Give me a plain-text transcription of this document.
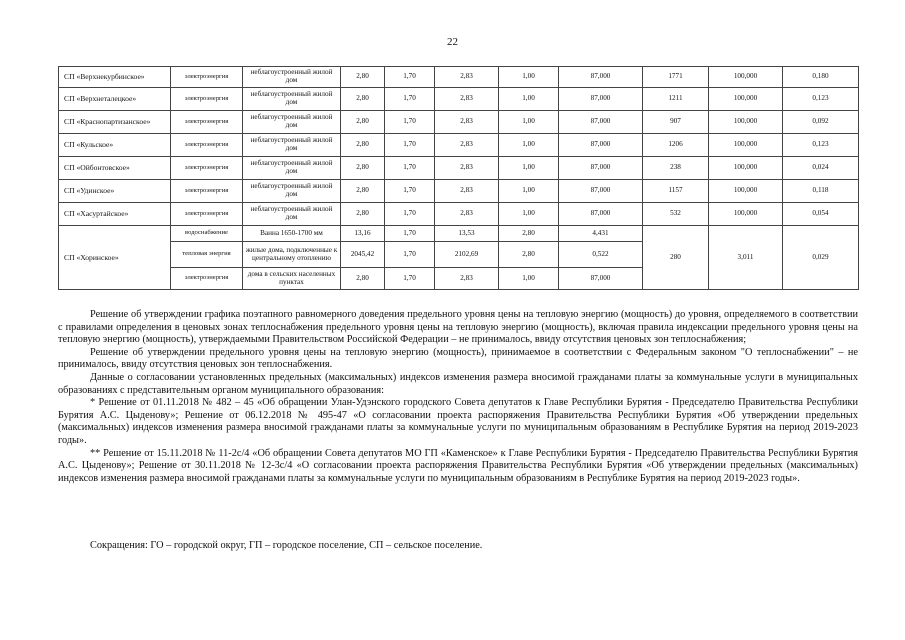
22
СП «Верхнекурбинское»	электроэнергия	неблагоустроенный жилой дом	2,80	1,70	2,83	1,00	87,000	1771	100,000	0,180
СП «Верхнеталецкое»	электроэнергия	неблагоустроенный жилой дом	2,80	1,70	2,83	1,00	87,000	1211	100,000	0,123
СП «Краснопартизанское»	электроэнергия	неблагоустроенный жилой дом	2,80	1,70	2,83	1,00	87,000	907	100,000	0,092
СП «Кульское»	электроэнергия	неблагоустроенный жилой дом	2,80	1,70	2,83	1,00	87,000	1206	100,000	0,123
СП «Ойбонтовское»	электроэнергия	неблагоустроенный жилой дом	2,80	1,70	2,83	1,00	87,000	238	100,000	0,024
СП «Удинское»	электроэнергия	неблагоустроенный жилой дом	2,80	1,70	2,83	1,00	87,000	1157	100,000	0,118
СП «Хасуртайское»	электроэнергия	неблагоустроенный жилой дом	2,80	1,70	2,83	1,00	87,000	532	100,000	0,054
СП «Хоринское»	водоснабжение	Ванна 1650-1700 мм	13,16	1,70	13,53	2,80	4,431	280	3,011	0,029
	тепловая энергия	жилые дома, подключенные к центральному отоплению	2045,42	1,70	2102,69	2,80	0,522			
	электроэнергия	дома в сельских населенных пунктах	2,80	1,70	2,83	1,00	87,000			

Решение об утверждении графика поэтапного равномерного доведения предельного уровня цены на тепловую энергию (мощность) до уровня, определяемого в соответствии с правилами определения в ценовых зонах теплоснабжения предельного уровня цены на тепловую энергию (мощность), включая правила индексации предельного уровня цены на тепловую энергию (мощность), утверждаемыми Правительством Российской Федерации – не принималось, ввиду отсутствия ценовых зон теплоснабжения;

Решение об утверждении предельного уровня цены на тепловую энергию (мощность), принимаемое в соответствии с Федеральным законом "О теплоснабжении" – не принималось, ввиду отсутствия ценовых зон теплоснабжения.

Данные о согласовании установленных предельных (максимальных) индексов изменения размера вносимой гражданами платы за коммунальные услуги в муниципальных образованиях с представительным органом муниципального образования:

* Решение от 01.11.2018 № 482 – 45 «Об обращении Улан-Удэнского городского Совета депутатов к Главе Республики Бурятия - Председателю Правительства Республики Бурятия А.С. Цыденову»; Решение от 06.12.2018 № 495-47 «О согласовании проекта распоряжения Правительства Республики Бурятия «Об утверждении предельных (максимальных) индексов изменения размера вносимой гражданами платы за коммунальные услуги по муниципальным образованиям в Республике Бурятия на период 2019-2023 годы».

** Решение от 15.11.2018 № 11-2с/4 «Об обращении Совета депутатов МО ГП «Каменское» к Главе Республики Бурятия - Председателю Правительства Республики Бурятия А.С. Цыденову»; Решение от 30.11.2018 № 12-3с/4 «О согласовании проекта распоряжения Правительства Республики Бурятия «Об утверждении предельных (максимальных) индексов изменения размера вносимой гражданами платы за коммунальные услуги по муниципальным образованиям в Республике Бурятия на период 2019-2023 годы».

Сокращения: ГО – городской округ, ГП – городское поселение, СП – сельское поселение.
